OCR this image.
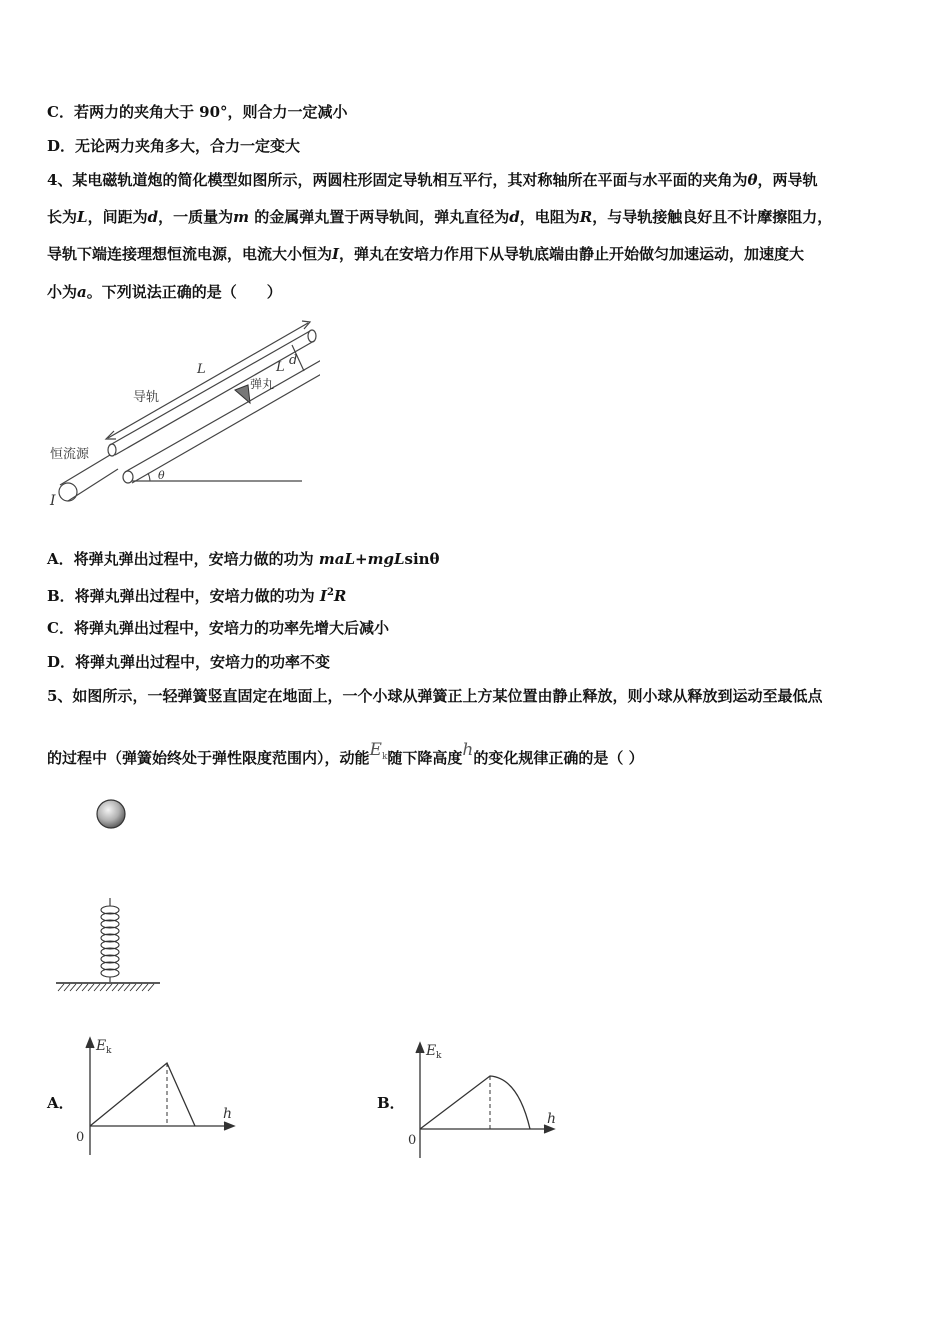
C．若两力的夹角大于 90°，则合力一定减小
D．无论两力夹角多大，合力一定变大
4、某电磁轨道炮的简化模型如图所示，两圆柱形固定导轨相互平行，其对称轴所在平面与水平面的夹角为θ，两导轨
长为L，间距为d，一质量为m 的金属弹丸置于两导轨间，弹丸直径为d，电阻为R，与导轨接触良好且不计摩擦阻力，
导轨下端连接理想恒流电源，电流大小恒为I，弹丸在安培力作用下从导轨底端由静止开始做匀加速运动，加速度大
小为a。下列说法正确的是（　　）
L
L
d
导轨
弹丸
恒流源
θ
I
A．将弹丸弹出过程中，安培力做的功为 maL+mgLsinθ
B．将弹丸弹出过程中，安培力做的功为 $I^2R$
C．将弹丸弹出过程中，安培力的功率先增大后减小
D．将弹丸弹出过程中，安培力的功率不变
5、如图所示，一轻弹簧竖直固定在地面上，一个小球从弹簧正上方某位置由静止释放，则小球从释放到运动至最低点
的过程中（弹簧始终处于弹性限度范围内），动能$E_k$随下降高度h的变化规律正确的是（ ）
A．
E k
h
0
B．
E k
h
0
